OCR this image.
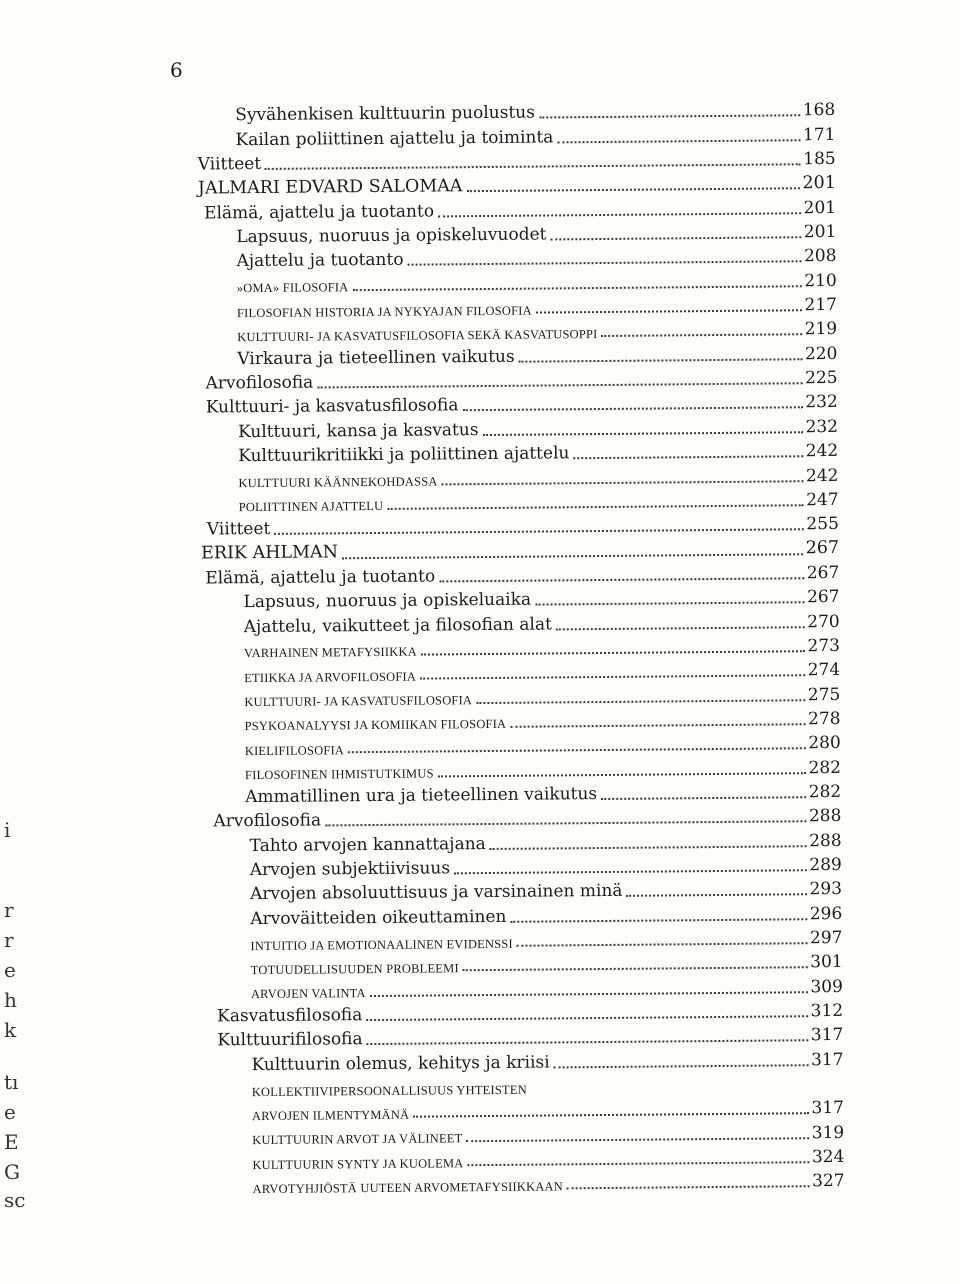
6
Syvähenkisen kulttuurin puolustus	168
Kailan poliittinen ajattelu ja toiminta	171
Viitteet	185
JALMARI EDVARD SALOMAA	201
Elämä, ajattelu ja tuotanto	201
Lapsuus, nuoruus ja opiskeluvuodet	201
Ajattelu ja tuotanto	208
»OMA» FILOSOFIA	210
FILOSOFIAN HISTORIA JA NYKYAJAN FILOSOFIA	217
KULTTUURI- JA KASVATUSFILOSOFIA SEKÄ KASVATUSOPPI	219
Virkaura ja tieteellinen vaikutus	220
Arvofilosofia	225
Kulttuuri- ja kasvatusfilosofia	232
Kulttuuri, kansa ja kasvatus	232
Kulttuurikritiikki ja poliittinen ajattelu	242
KULTTUURI KÄÄNNEKOHDASSA	242
POLIITTINEN AJATTELU	247
Viitteet	255
ERIK AHLMAN	267
Elämä, ajattelu ja tuotanto	267
Lapsuus, nuoruus ja opiskeluaika	267
Ajattelu, vaikutteet ja filosofian alat	270
VARHAINEN METAFYSIIKKA	273
ETIIKKA JA ARVOFILOSOFIA	274
KULTTUURI- JA KASVATUSFILOSOFIA	275
PSYKOANALYYSI JA KOMIIKAN FILOSOFIA	278
KIELIFILOSOFIA	280
FILOSOFINEN IHMISTUTKIMUS	282
Ammatillinen ura ja tieteellinen vaikutus	282
Arvofilosofia	288
Tahto arvojen kannattajana	288
Arvojen subjektiivisuus	289
Arvojen absoluuttisuus ja varsinainen minä	293
Arvoväitteiden oikeuttaminen	296
INTUITIO JA EMOTIONAALINEN EVIDENSSI	297
TOTUUDELLISUUDEN PROBLEEMI	301
ARVOJEN VALINTA	309
Kasvatusfilosofia	312
Kulttuurifilosofia	317
Kulttuurin olemus, kehitys ja kriisi	317
KOLLEKTIIVIPERSOONALLISUUS YHTEISTEN
ARVOJEN ILMENTYMÄNÄ	317
KULTTUURIN ARVOT JA VÄLINEET	319
KULTTUURIN SYNTY JA KUOLEMA	324
ARVOTYHJIÖSTÄ UUTEEN ARVOMETAFYSIIKKAAN	327
i
r
r
e
h
k
tı
e
E
G
sc
